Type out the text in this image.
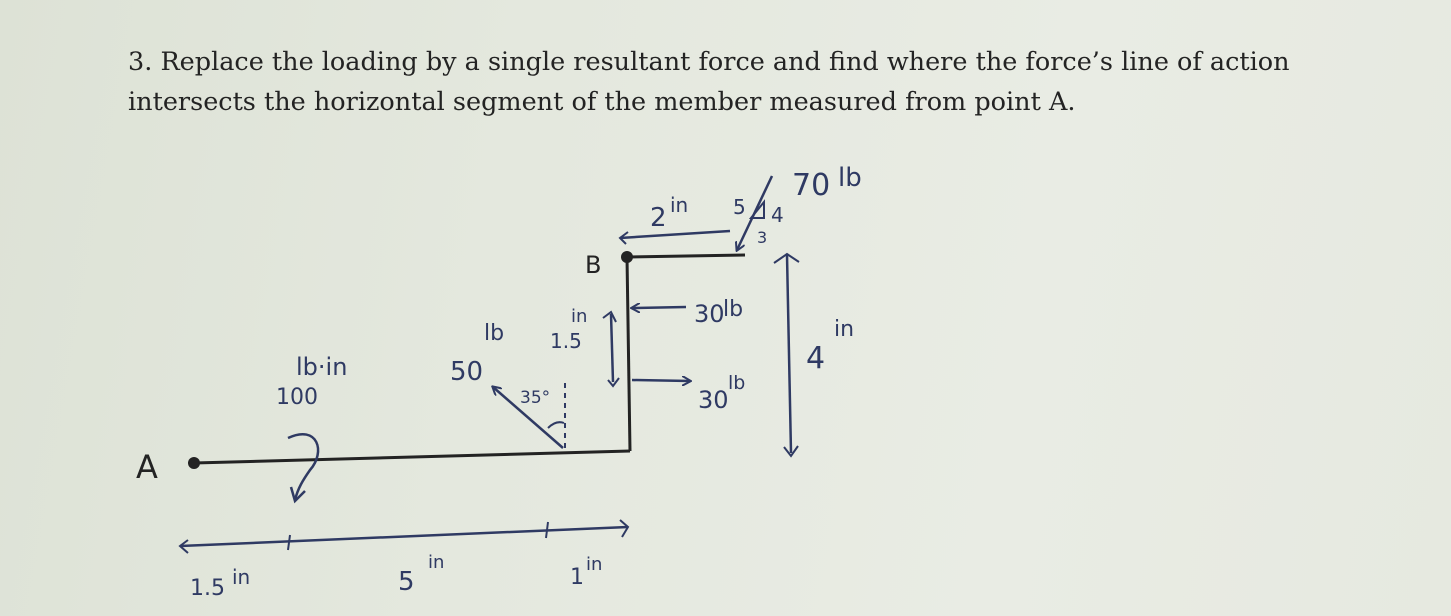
3. Replace the loading by a single resultant force and find where the force’s line of action intersects the horizontal segment of the member measured from point A.

A
B
100
lb·in	50
lb
35°
1.5
in	30
lb
30
lb
2 in 5 4
3
70 lb
4
in
1.5 in	5
in
1
in
